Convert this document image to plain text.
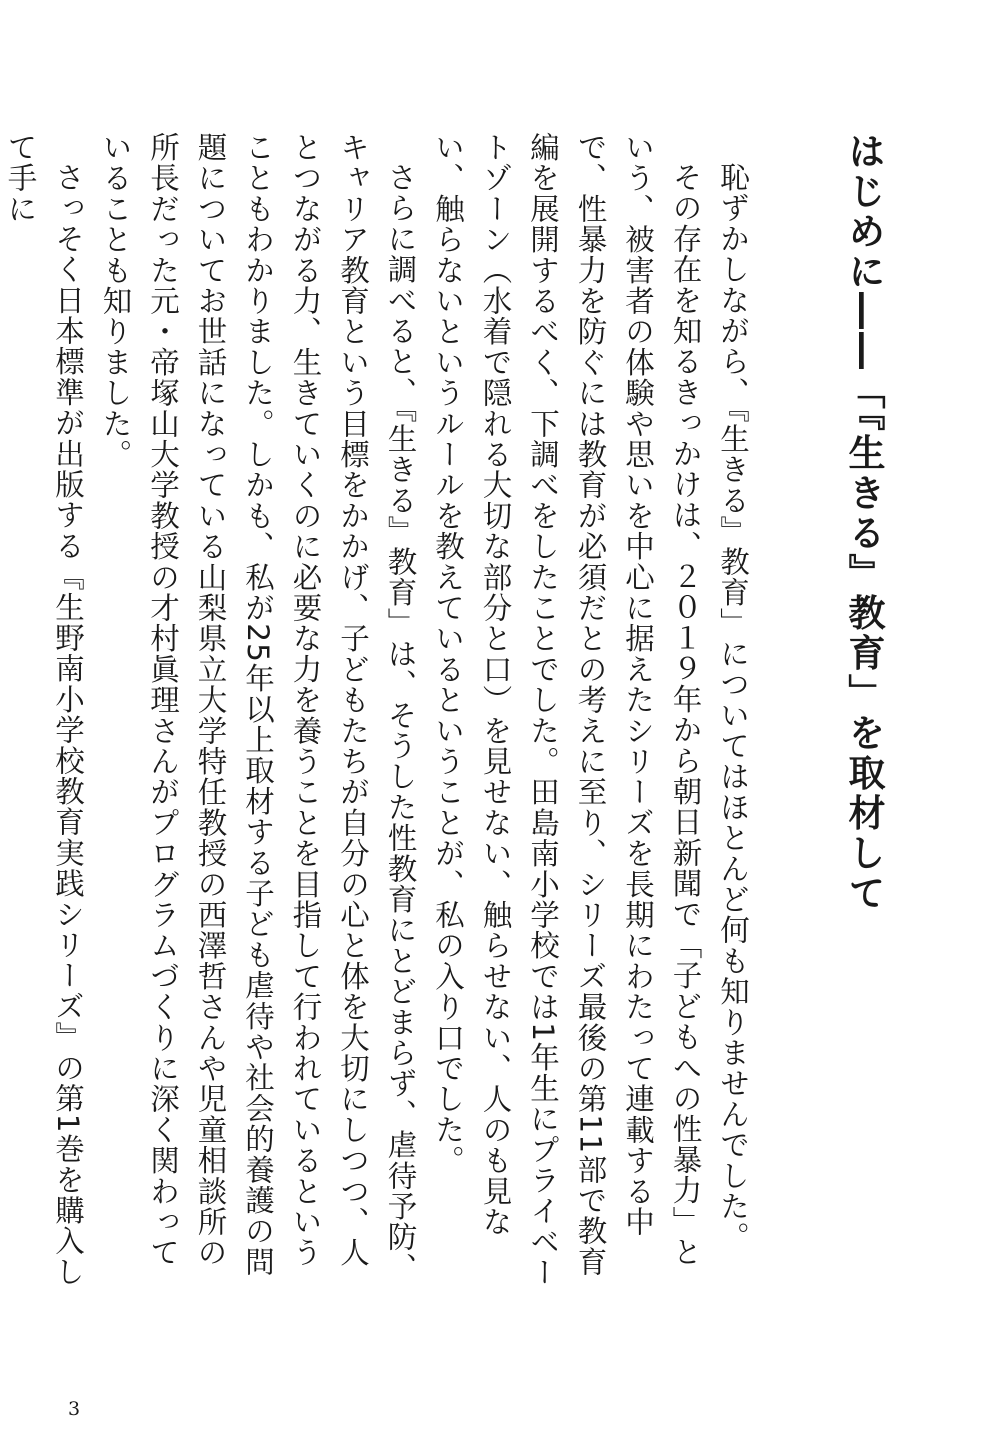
はじめに――「『生きる』教育」を取材して

恥ずかしながら、『生きる』教育」についてはほとんど何も知りませんでした。

その存在を知るきっかけは、２０１９年から朝日新聞で「子どもへの性暴力」という、被害者の体験や思いを中心に据えたシリーズを長期にわたって連載する中で、性暴力を防ぐには教育が必須だとの考えに至り、シリーズ最後の第11部で教育編を展開するべく、下調べをしたことでした。田島南小学校では1年生にプライベートゾーン（水着で隠れる大切な部分と口）を見せない、触らせない、人のも見ない、触らないというルールを教えているということが、私の入り口でした。

さらに調べると、『生きる』教育」は、そうした性教育にとどまらず、虐待予防、キャリア教育という目標をかかげ、子どもたちが自分の心と体を大切にしつつ、人とつながる力、生きていくのに必要な力を養うことを目指して行われているということもわかりました。しかも、私が25年以上取材する子ども虐待や社会的養護の問題についてお世話になっている山梨県立大学特任教授の西澤哲さんや児童相談所の所長だった元・帝塚山大学教授の才村眞理さんがプログラムづくりに深く関わっていることも知りました。

さっそく日本標準が出版する『生野南小学校教育実践シリーズ』の第1巻を購入して手に

3
